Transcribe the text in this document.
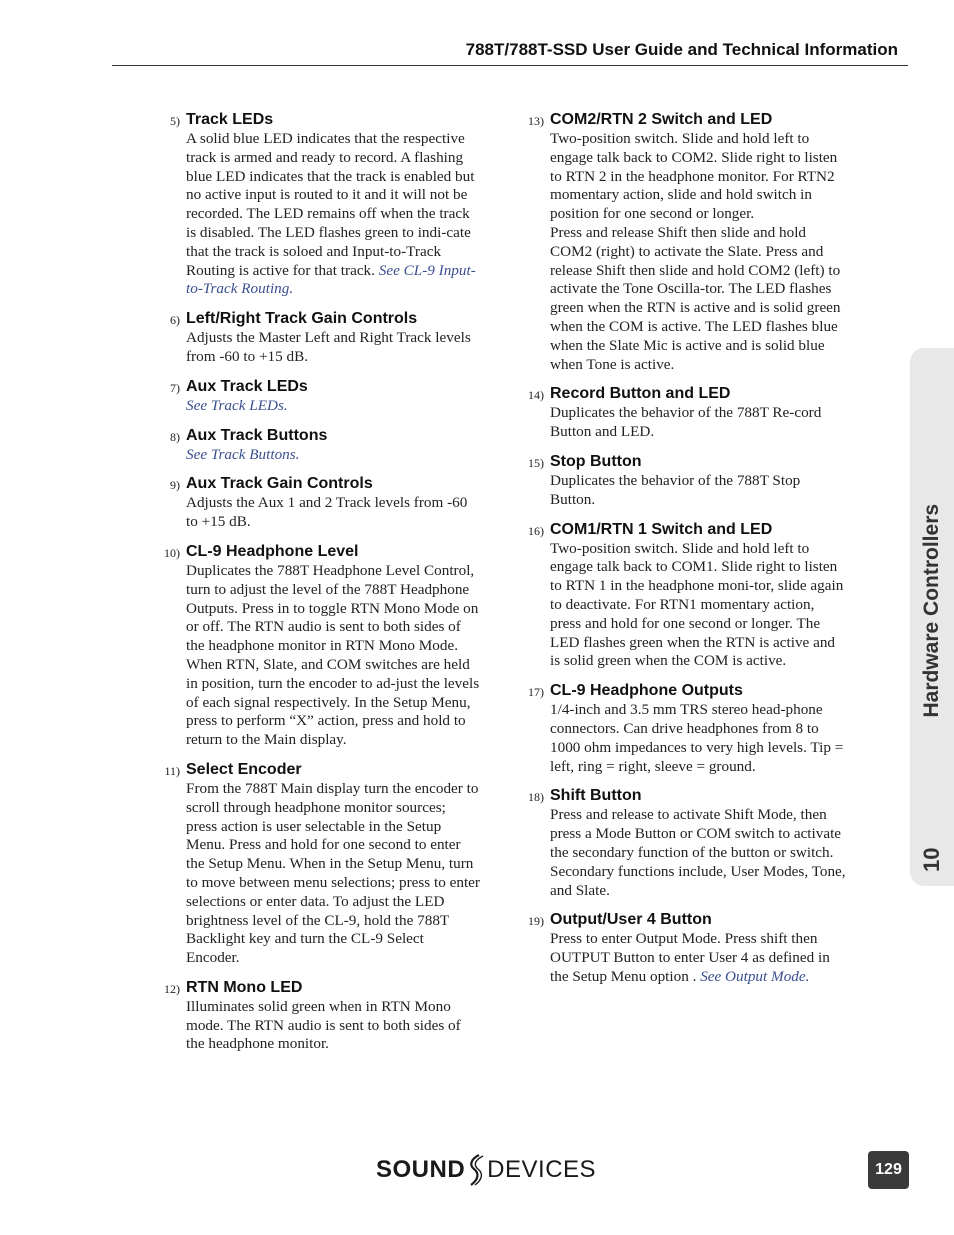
788T/788T-SSD User Guide and Technical Information
5) Track LEDs
A solid blue LED indicates that the respective track is armed and ready to record. A flashing blue LED indicates that the track is enabled but no active input is routed to it and it will not be recorded. The LED remains off when the track is disabled. The LED flashes green to indi-cate that the track is soloed and Input-to-Track Routing is active for that track. See CL-9 Input-to-Track Routing.
6) Left/Right Track Gain Controls
Adjusts the Master Left and Right Track levels from -60 to +15 dB.
7) Aux Track LEDs
See Track LEDs.
8) Aux Track Buttons
See Track Buttons.
9) Aux Track Gain Controls
Adjusts the Aux 1 and 2 Track levels from -60 to +15 dB.
10) CL-9 Headphone Level
Duplicates the 788T Headphone Level Control, turn to adjust the level of the 788T Headphone Outputs. Press in to toggle RTN Mono Mode on or off. The RTN audio is sent to both sides of the headphone monitor in RTN Mono Mode. When RTN, Slate, and COM switches are held in position, turn the encoder to ad-just the levels of each signal respectively. In the Setup Menu, press to perform “X” action, press and hold to return to the Main display.
11) Select Encoder
From the 788T Main display turn the encoder to scroll through headphone monitor sources; press action is user selectable in the Setup Menu. Press and hold for one second to enter the Setup Menu. When in the Setup Menu, turn to move between menu selections; press to enter selections or enter data. To adjust the LED brightness level of the CL-9, hold the 788T Backlight key and turn the CL-9 Select Encoder.
12) RTN Mono LED
Illuminates solid green when in RTN Mono mode. The RTN audio is sent to both sides of the headphone monitor.
13) COM2/RTN 2 Switch and LED
Two-position switch. Slide and hold left to engage talk back to COM2. Slide right to listen to RTN 2 in the headphone monitor. For RTN2 momentary action, slide and hold switch in position for one second or longer.
Press and release Shift then slide and hold COM2 (right) to activate the Slate. Press and release Shift then slide and hold COM2 (left) to activate the Tone Oscilla-tor. The LED flashes green when the RTN is active and is solid green when the COM is active. The LED flashes blue when the Slate Mic is active and is solid blue when Tone is active.
14) Record Button and LED
Duplicates the behavior of the 788T Re-cord Button and LED.
15) Stop Button
Duplicates the behavior of the 788T Stop Button.
16) COM1/RTN 1 Switch and LED
Two-position switch. Slide and hold left to engage talk back to COM1. Slide right to listen to RTN 1 in the headphone moni-tor, slide again to deactivate. For RTN1 momentary action, press and hold for one second or longer. The LED flashes green when the RTN is active and is solid green when the COM is active.
17) CL-9 Headphone Outputs
1/4-inch and 3.5 mm TRS stereo head-phone connectors. Can drive headphones from 8 to 1000 ohm impedances to very high levels. Tip = left, ring = right, sleeve = ground.
18) Shift Button
Press and release to activate Shift Mode, then press a Mode Button or COM switch to activate the secondary function of the button or switch. Secondary functions include, User Modes, Tone, and Slate.
19) Output/User 4 Button
Press to enter Output Mode. Press shift then OUTPUT Button to enter User 4 as defined in the Setup Menu option . See Output Mode.
10
Hardware Controllers
SOUND DEVICES	129
